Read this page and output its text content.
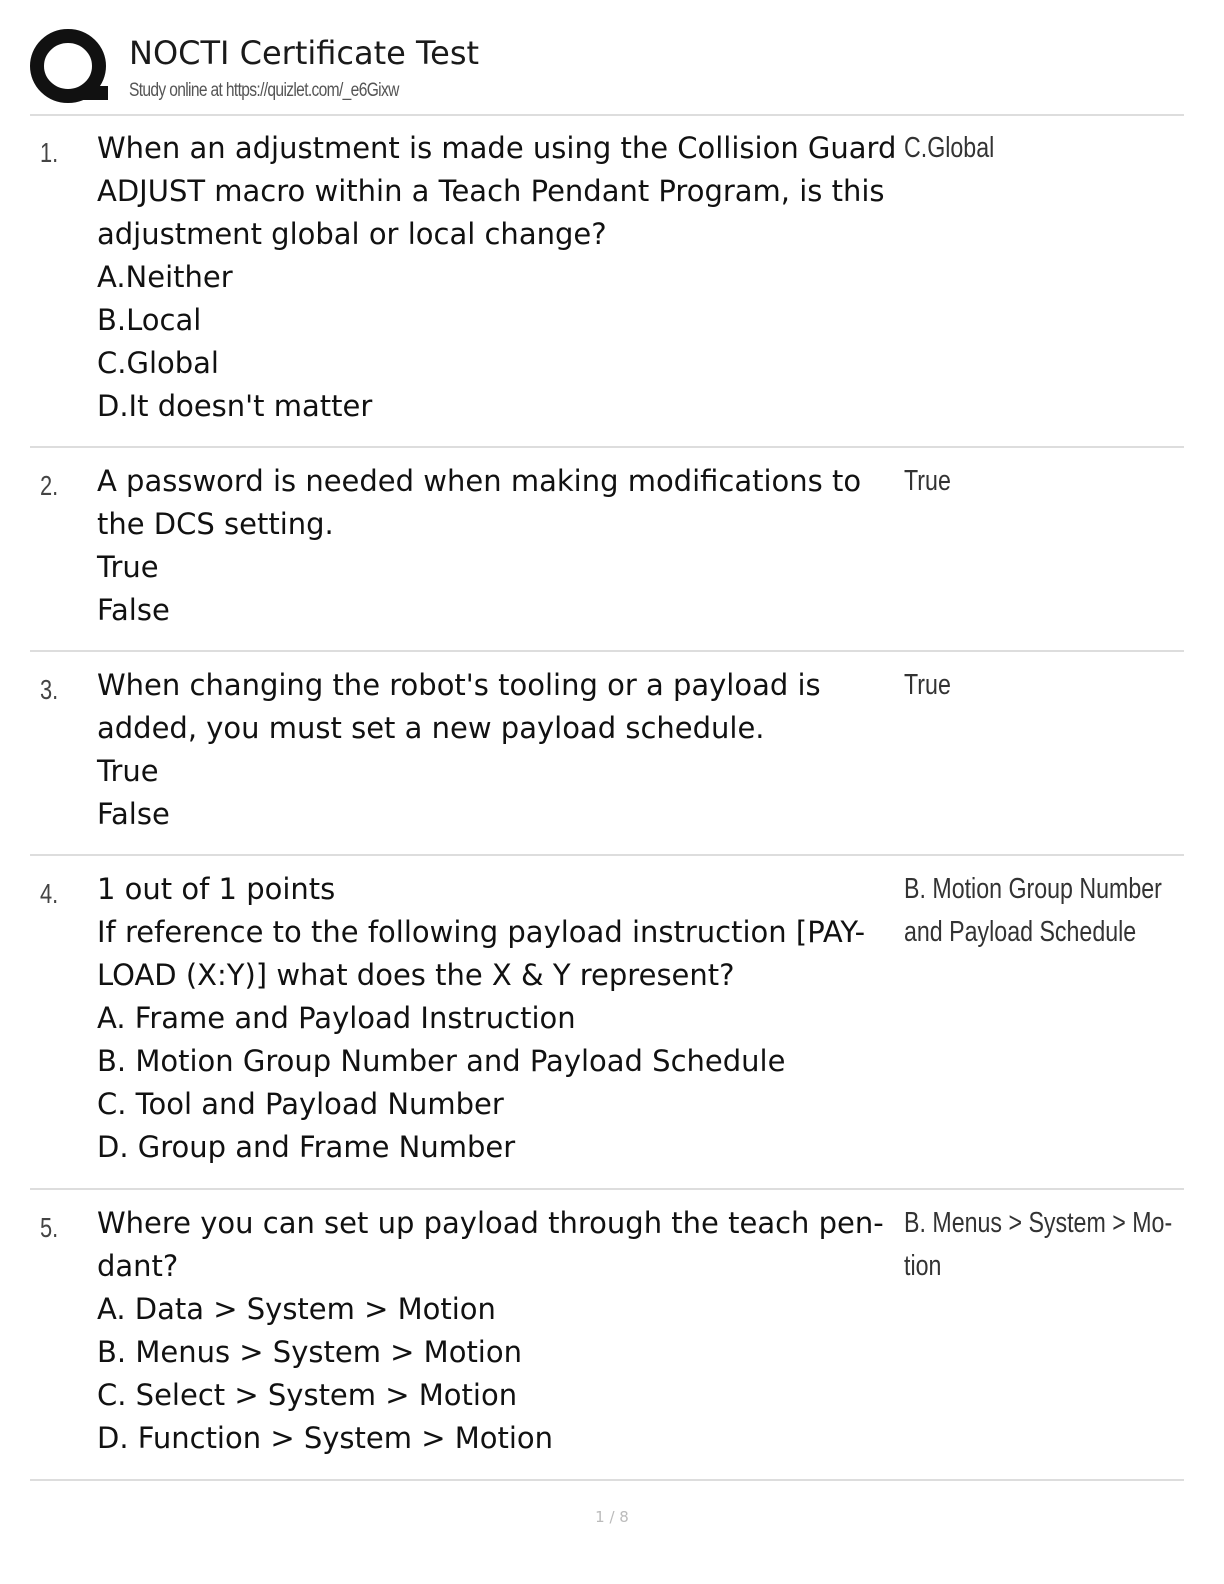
NOCTI Certificate Test
Study online at https://quizlet.com/_e6Gixw
1. When an adjustment is made using the Collision Guard
ADJUST macro within a Teach Pendant Program, is this
adjustment global or local change?
A.Neither
B.Local
C.Global
D.It doesn't matter
C.Global
2. A password is needed when making modifications to
the DCS setting.
True
False
True
3. When changing the robot's tooling or a payload is
added, you must set a new payload schedule.
True
False
True
4. 1 out of 1 points
If reference to the following payload instruction [PAY-
LOAD (X:Y)] what does the X & Y represent?
A. Frame and Payload Instruction
B. Motion Group Number and Payload Schedule
C. Tool and Payload Number
D. Group and Frame Number
B. Motion Group Number
and Payload Schedule
5. Where you can set up payload through the teach pen-
dant?
A. Data > System > Motion
B. Menus > System > Motion
C. Select > System > Motion
D. Function > System > Motion
B. Menus > System > Mo-
tion
1 / 8
